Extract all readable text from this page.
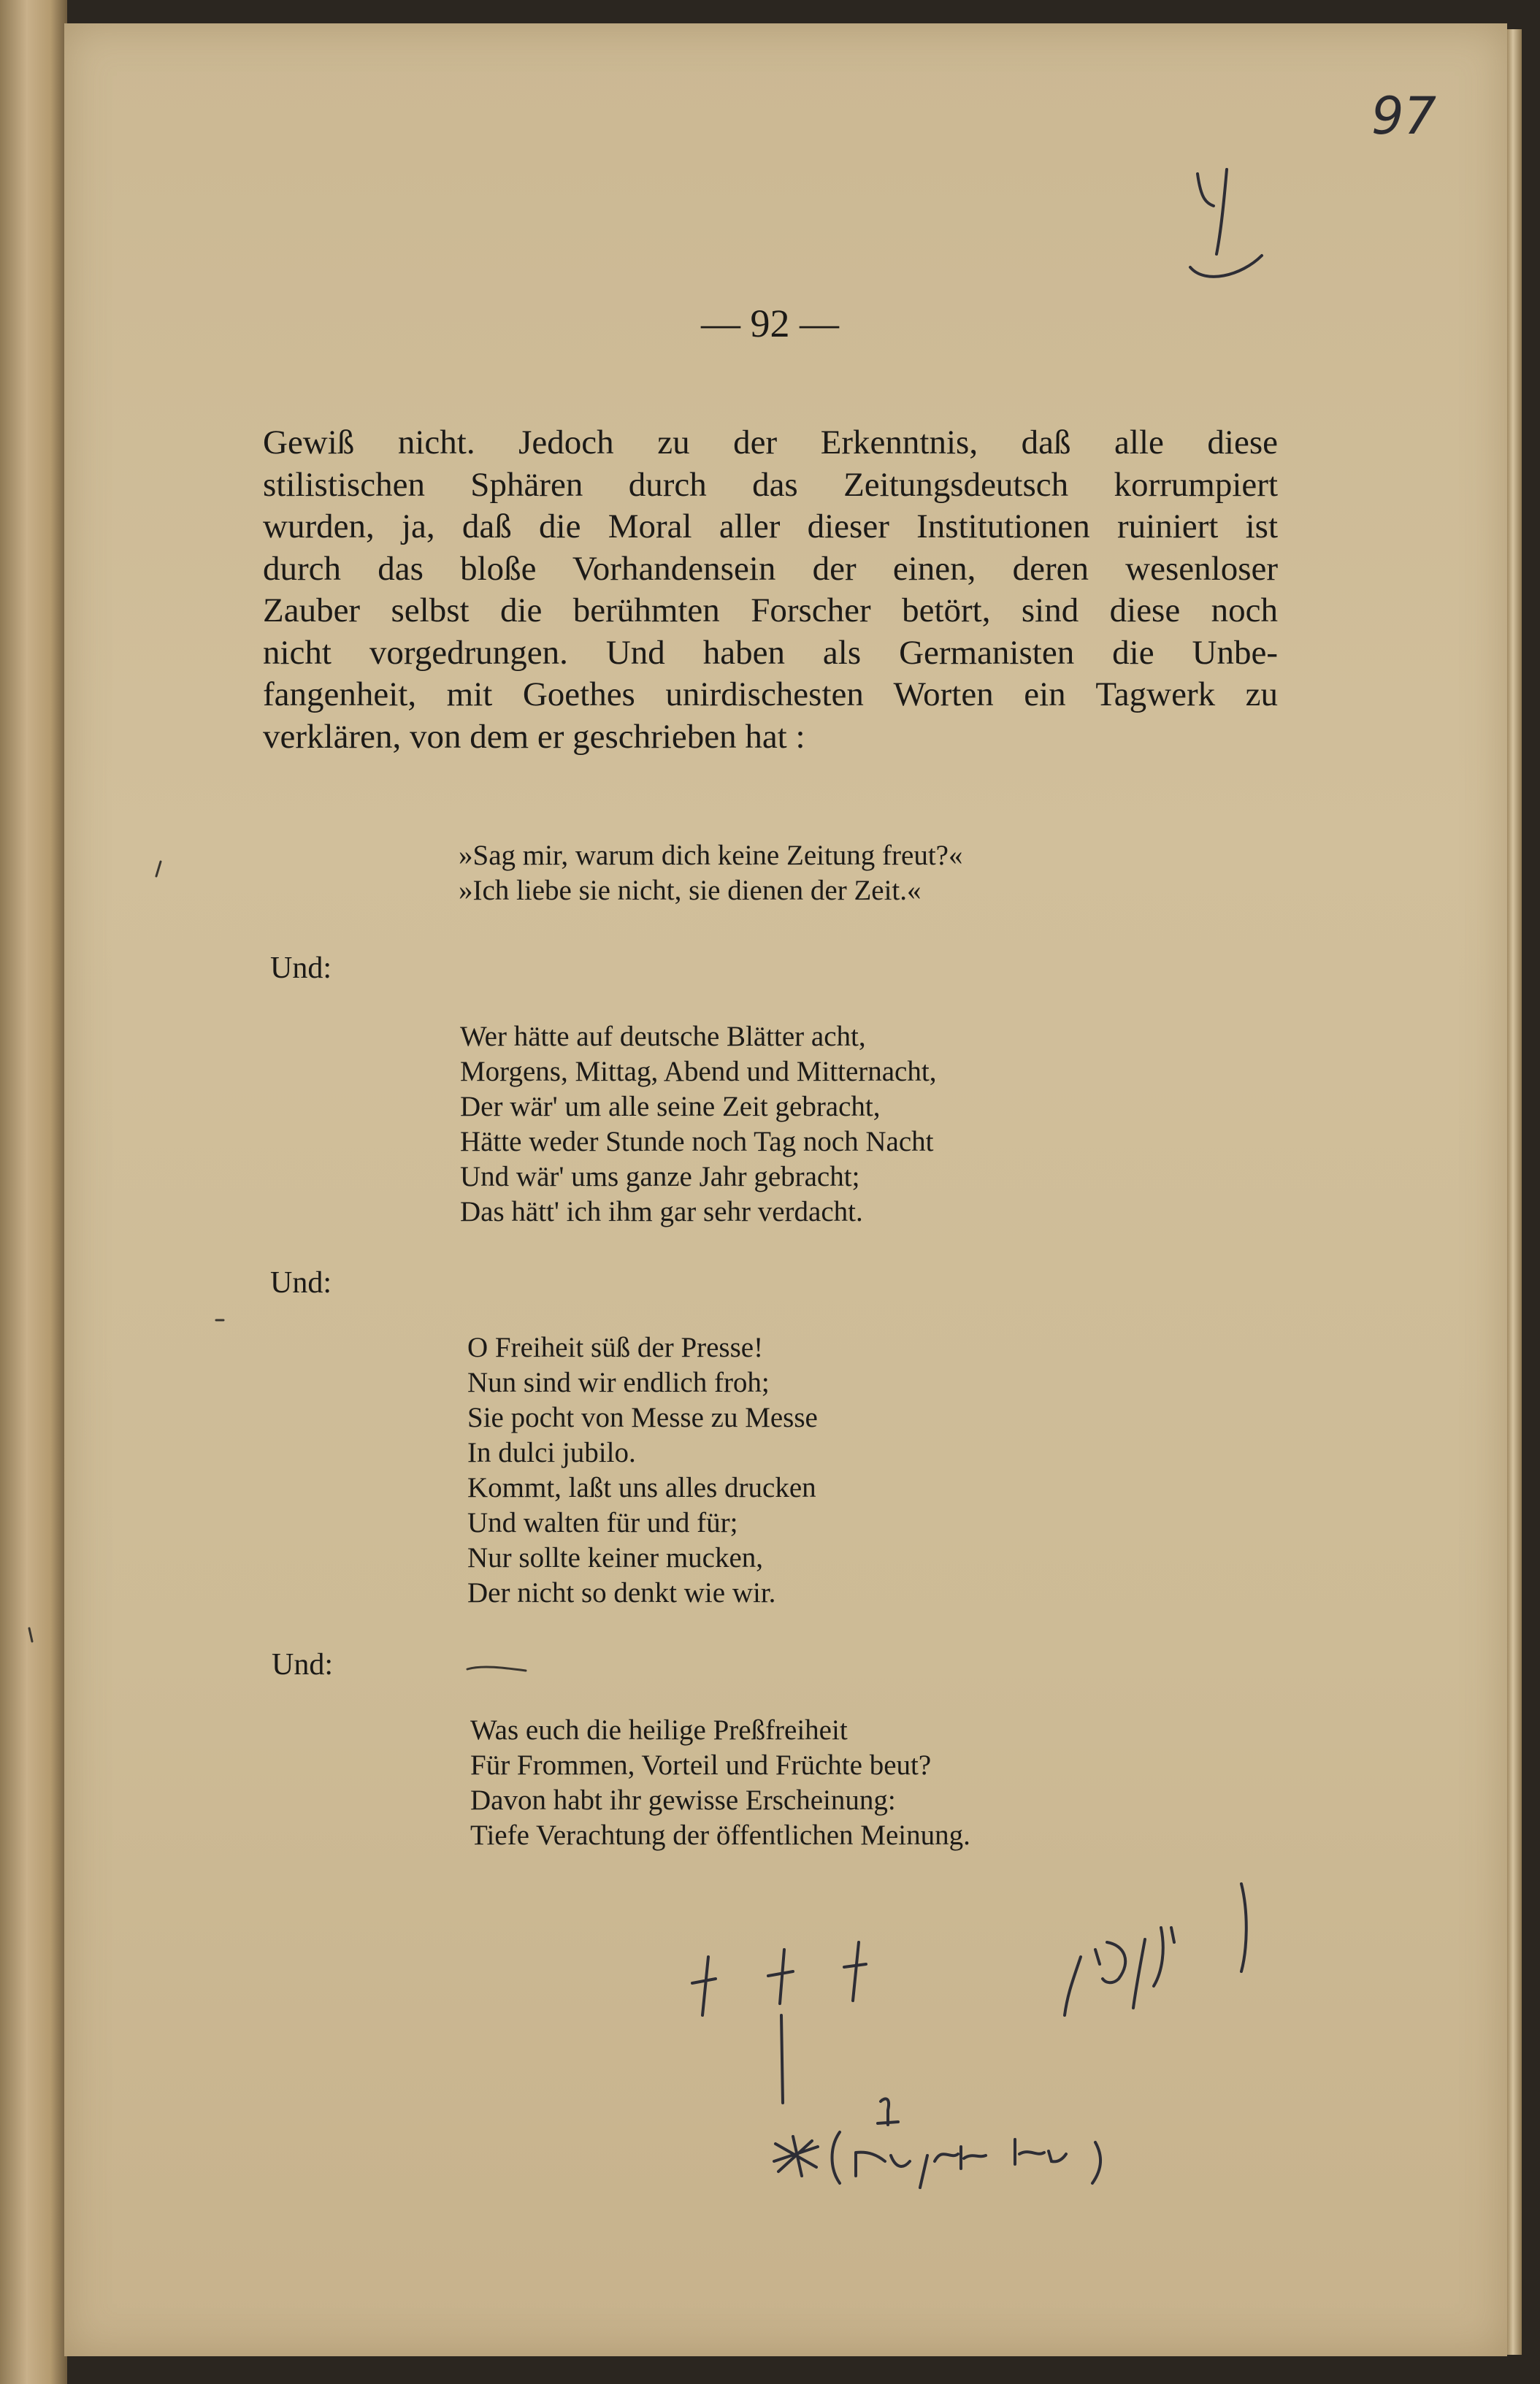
97
— 92 —
Gewiß nicht. Jedoch zu der Erkenntnis, daß alle diese
stilistischen Sphären durch das Zeitungsdeutsch korrumpiert
wurden, ja, daß die Moral aller dieser Institutionen ruiniert ist
durch das bloße Vorhandensein der einen, deren wesenloser
Zauber selbst die berühmten Forscher betört, sind diese noch
nicht vorgedrungen. Und haben als Germanisten die Unbe-
fangenheit, mit Goethes unirdischesten Worten ein Tagwerk zu
verklären, von dem er geschrieben hat :
»Sag mir, warum dich keine Zeitung freut?«
»Ich liebe sie nicht, sie dienen der Zeit.«
Und:
Wer hätte auf deutsche Blätter acht,
Morgens, Mittag, Abend und Mitternacht,
Der wär' um alle seine Zeit gebracht,
Hätte weder Stunde noch Tag noch Nacht
Und wär' ums ganze Jahr gebracht;
Das hätt' ich ihm gar sehr verdacht.
Und:
O Freiheit süß der Presse!
Nun sind wir endlich froh;
Sie pocht von Messe zu Messe
In dulci jubilo.
Kommt, laßt uns alles drucken
Und walten für und für;
Nur sollte keiner mucken,
Der nicht so denkt wie wir.
Und:
Was euch die heilige Preßfreiheit
Für Frommen, Vorteil und Früchte beut?
Davon habt ihr gewisse Erscheinung:
Tiefe Verachtung der öffentlichen Meinung.
